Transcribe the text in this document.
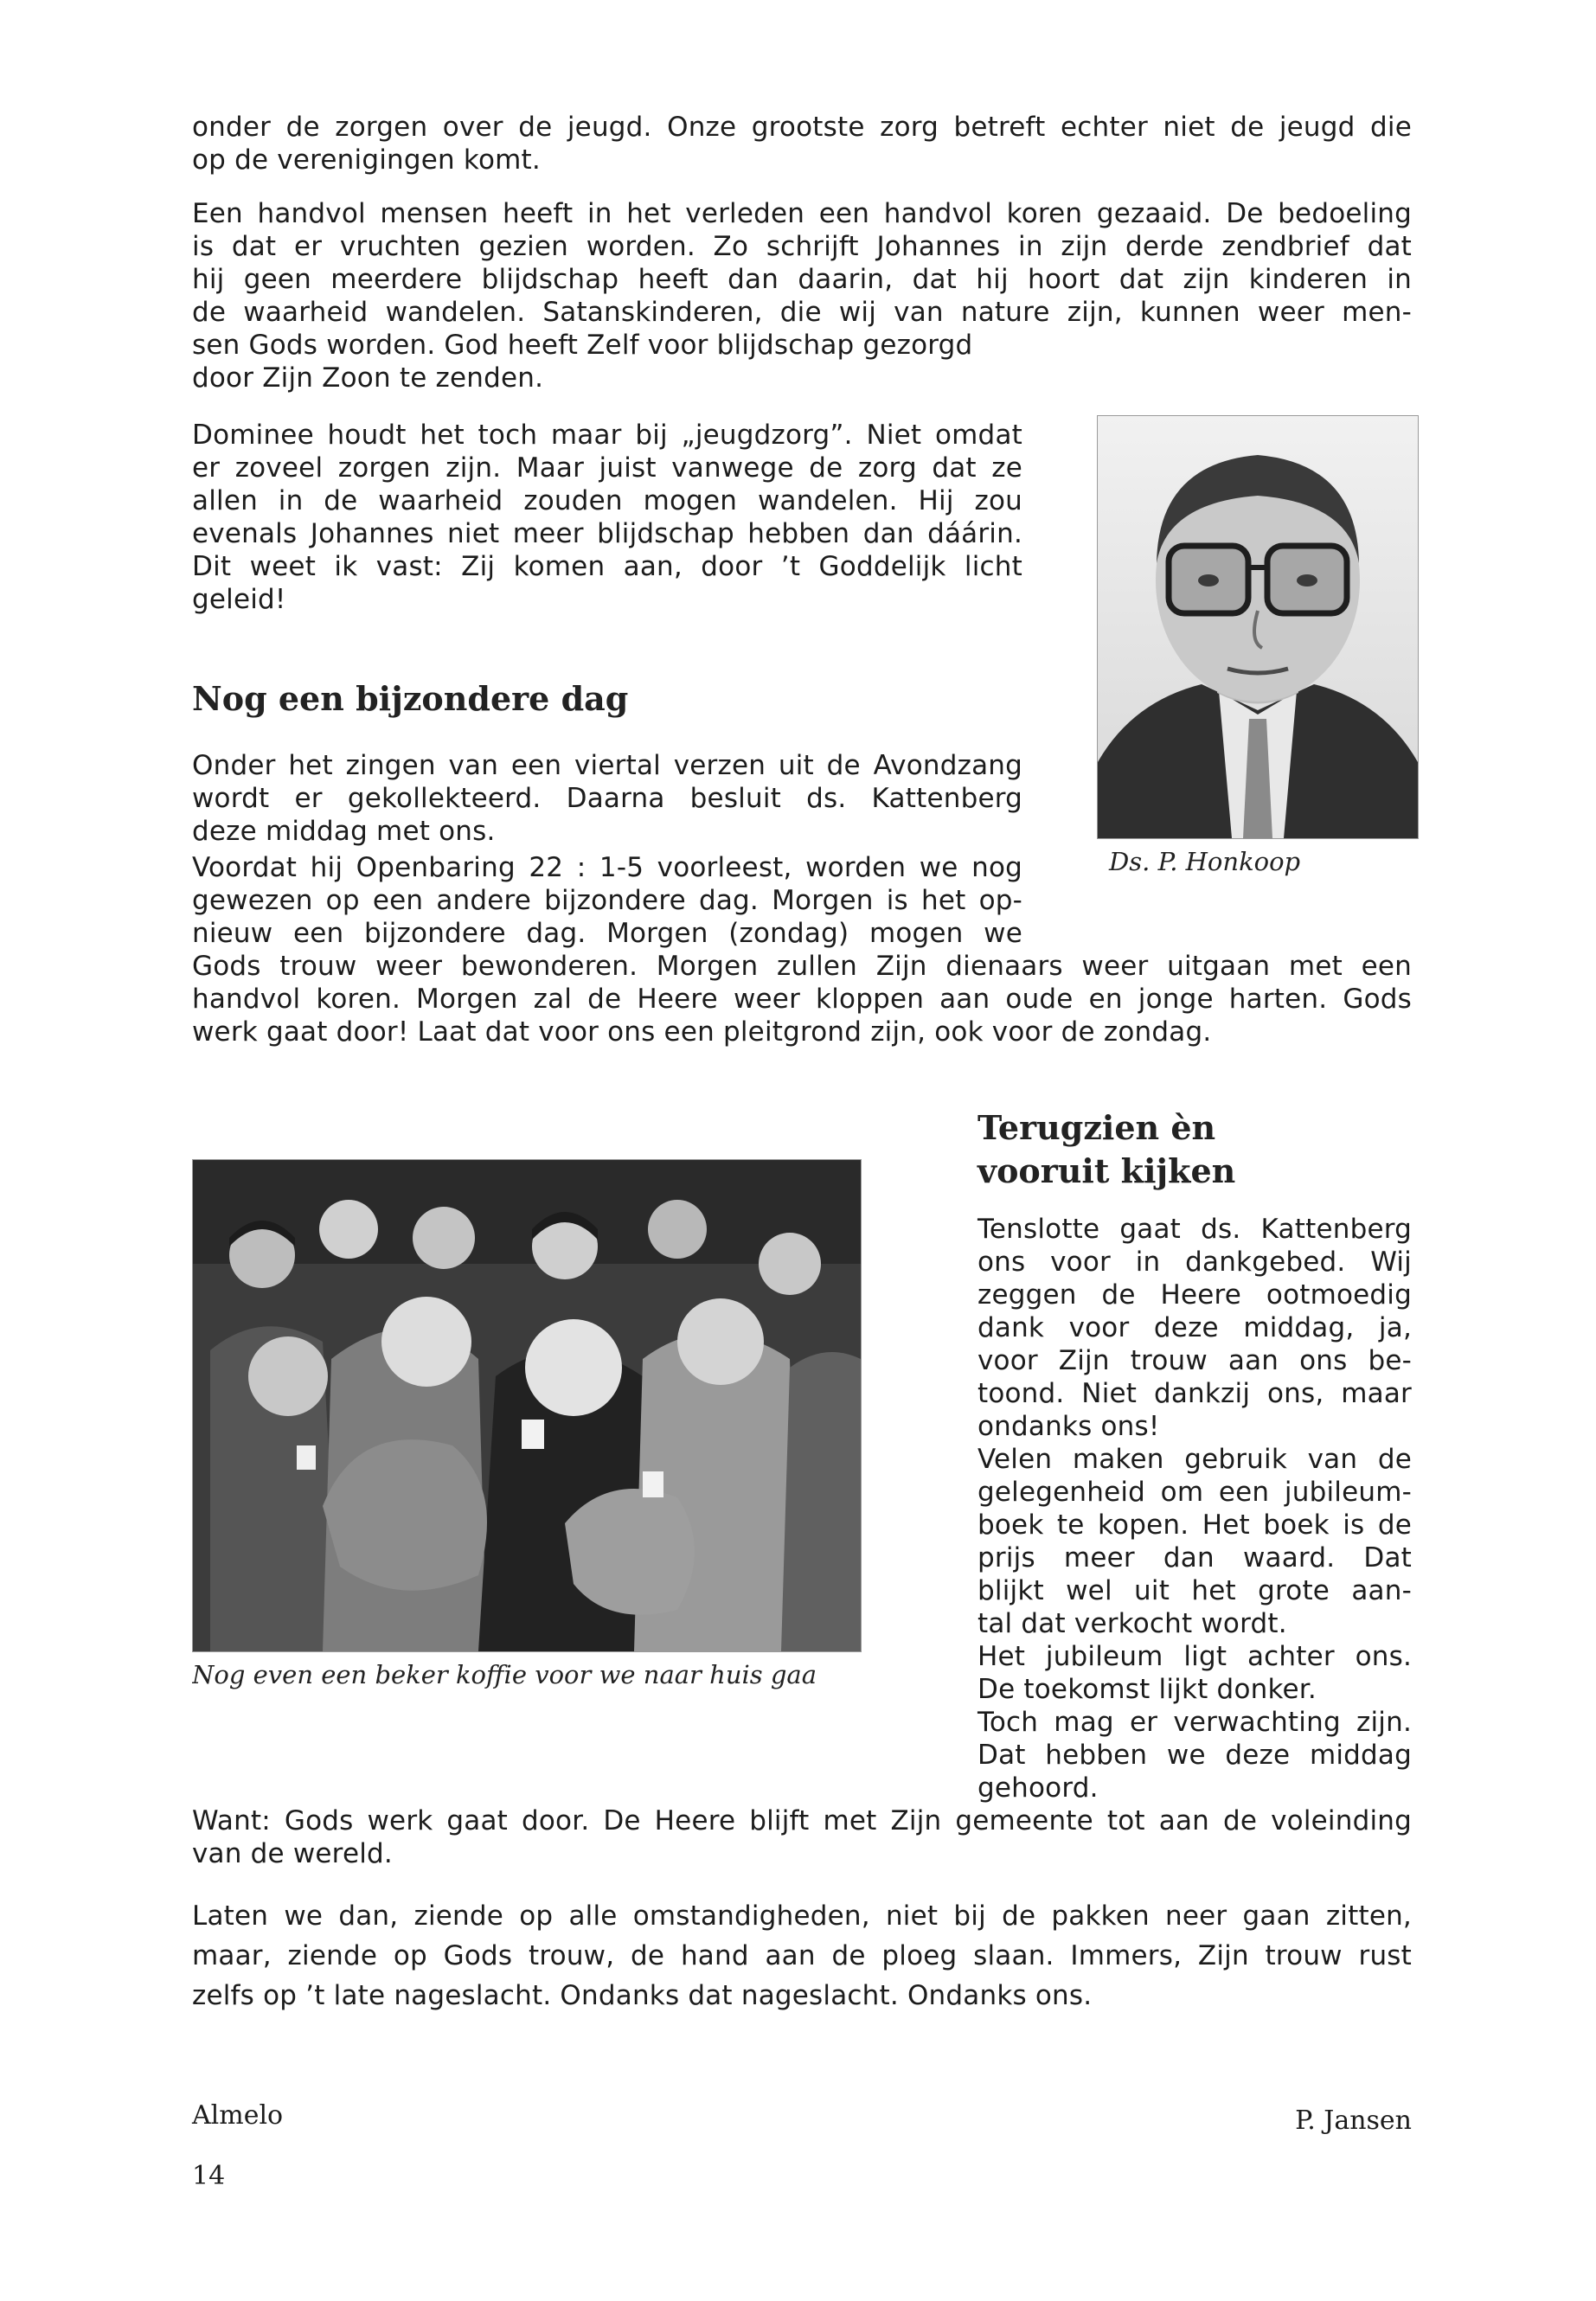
onder de zorgen over de jeugd. Onze grootste zorg betreft echter niet de jeugd die
op de verenigingen komt.
Een handvol mensen heeft in het verleden een handvol koren gezaaid. De bedoeling
is dat er vruchten gezien worden. Zo schrijft Johannes in zijn derde zendbrief dat
hij geen meerdere blijdschap heeft dan daarin, dat hij hoort dat zijn kinderen in
de waarheid wandelen. Satanskinderen, die wij van nature zijn, kunnen weer men-
sen Gods worden. God heeft Zelf voor blijdschap gezorgd
door Zijn Zoon te zenden.
Dominee houdt het toch maar bij „jeugdzorg”. Niet omdat
er zoveel zorgen zijn. Maar juist vanwege de zorg dat ze
allen in de waarheid zouden mogen wandelen. Hij zou
evenals Johannes niet meer blijdschap hebben dan dáárin.
Dit weet ik vast: Zij komen aan, door ’t Goddelijk licht
geleid!

Ds. P. Honkoop

Nog een bijzondere dag
Onder het zingen van een viertal verzen uit de Avondzang
wordt er gekollekteerd. Daarna besluit ds. Kattenberg
deze middag met ons.
Voordat hij Openbaring 22 : 1-5 voorleest, worden we nog
gewezen op een andere bijzondere dag. Morgen is het op-
nieuw een bijzondere dag. Morgen (zondag) mogen we
Gods trouw weer bewonderen. Morgen zullen Zijn dienaars weer uitgaan met een
handvol koren. Morgen zal de Heere weer kloppen aan oude en jonge harten. Gods
werk gaat door! Laat dat voor ons een pleitgrond zijn, ook voor de zondag.
Terugzien èn
vooruit kijken

Nog even een beker koffie voor we naar huis gaa

Tenslotte gaat ds. Kattenberg
ons voor in dankgebed. Wij
zeggen de Heere ootmoedig
dank voor deze middag, ja,
voor Zijn trouw aan ons be-
toond. Niet dankzij ons, maar
ondanks ons!
Velen maken gebruik van de
gelegenheid om een jubileum-
boek te kopen. Het boek is de
prijs meer dan waard. Dat
blijkt wel uit het grote aan-
tal dat verkocht wordt.
Het jubileum ligt achter ons.
De toekomst lijkt donker.
Toch mag er verwachting zijn.
Dat hebben we deze middag
gehoord.
Want: Gods werk gaat door. De Heere blijft met Zijn gemeente tot aan de voleinding
van de wereld.
Laten we dan, ziende op alle omstandigheden, niet bij de pakken neer gaan zitten,
maar, ziende op Gods trouw, de hand aan de ploeg slaan. Immers, Zijn trouw rust
zelfs op ’t late nageslacht. Ondanks dat nageslacht. Ondanks ons.

Almelo	P. Jansen

14
